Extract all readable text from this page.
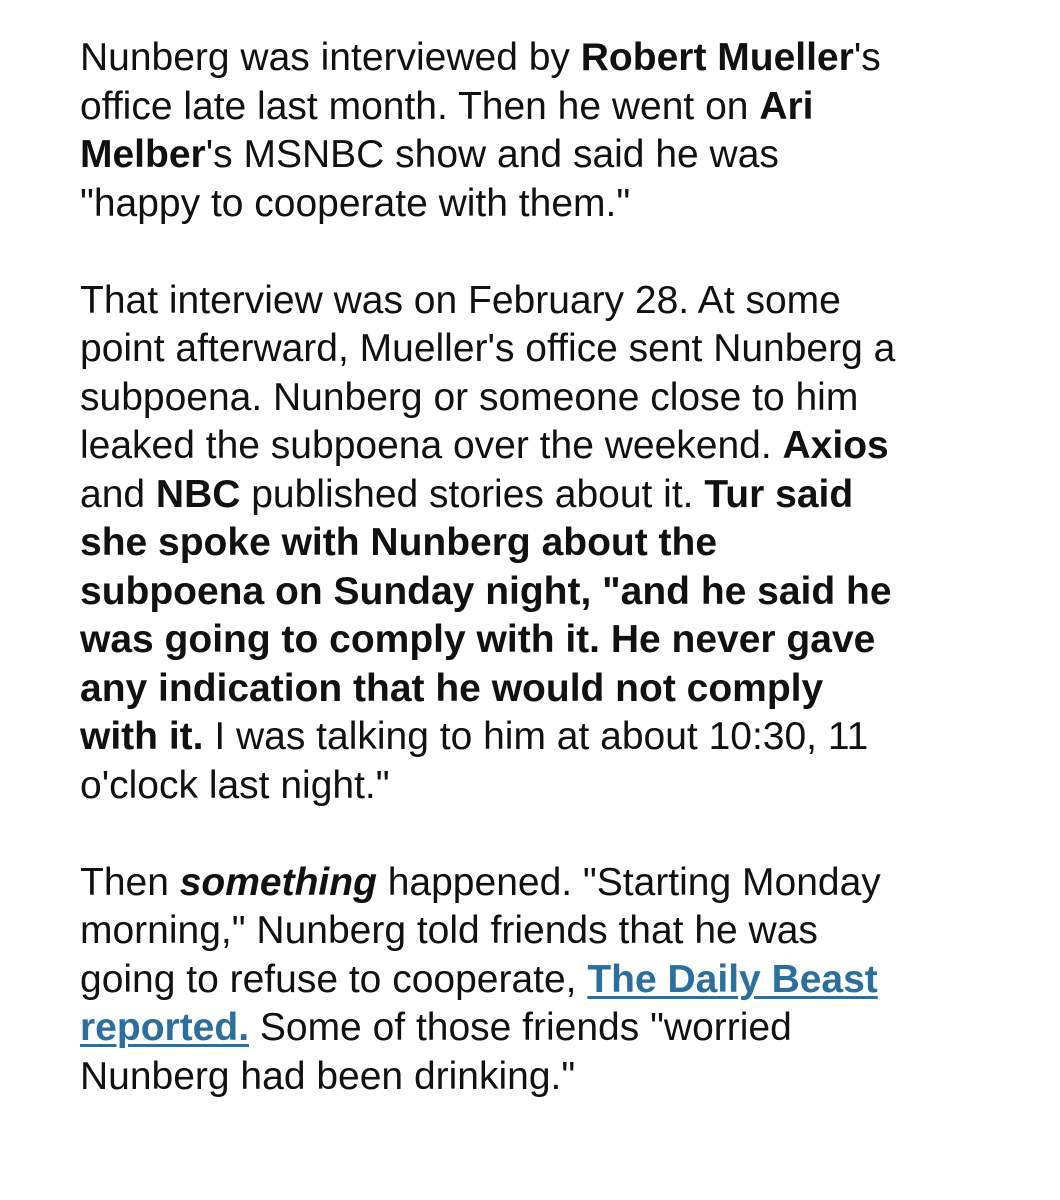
Nunberg was interviewed by Robert Mueller's
office late last month. Then he went on Ari
Melber's MSNBC show and said he was
"happy to cooperate with them."

That interview was on February 28. At some
point afterward, Mueller's office sent Nunberg a
subpoena. Nunberg or someone close to him
leaked the subpoena over the weekend. Axios
and NBC published stories about it. Tur said
she spoke with Nunberg about the
subpoena on Sunday night, "and he said he
was going to comply with it. He never gave
any indication that he would not comply
with it. I was talking to him at about 10:30, 11
o'clock last night."

Then something happened. "Starting Monday
morning," Nunberg told friends that he was
going to refuse to cooperate, The Daily Beast
reported. Some of those friends "worried
Nunberg had been drinking."
